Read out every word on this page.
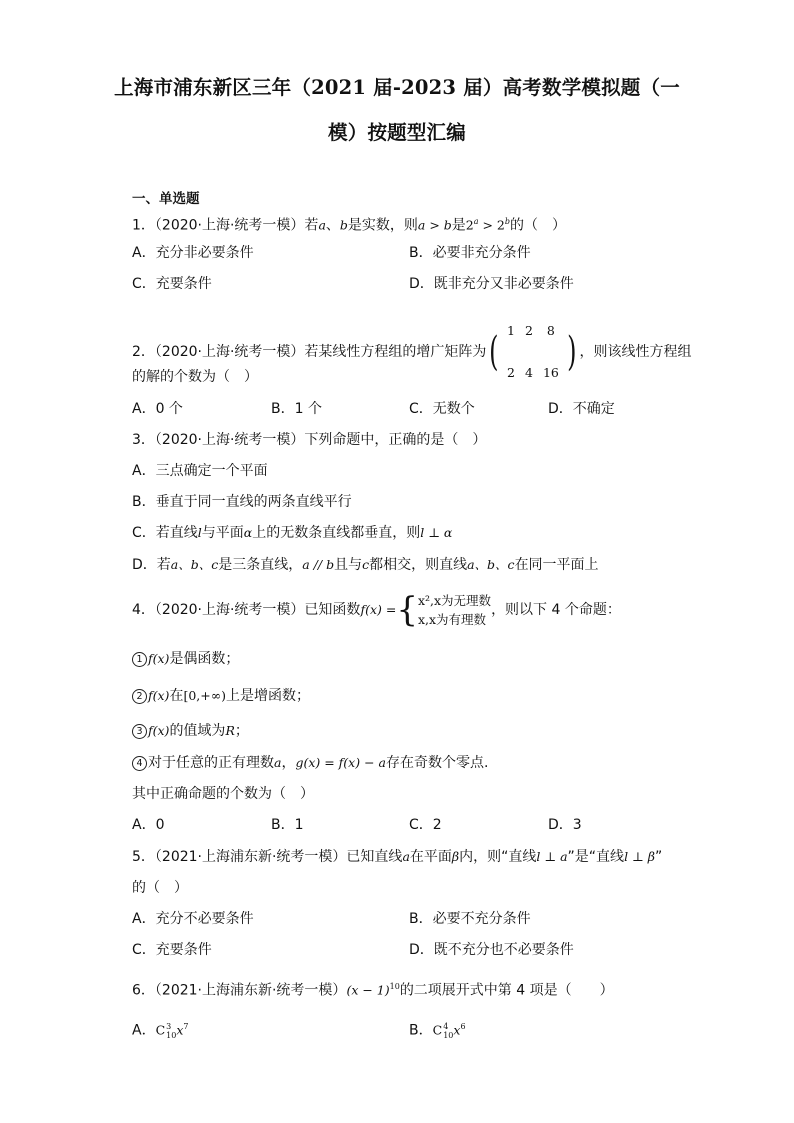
上海市浦东新区三年（2021 届-2023 届）高考数学模拟题（一
模）按题型汇编
一、单选题
1．（2020·上海·统考一模）若a、b是实数，则a > b是$2^a > 2^b$的（　）
A．充分非必要条件	B．必要非充分条件
C．充要条件	D．既非充分又非必要条件
2．（2020·上海·统考一模）若某线性方程组的增广矩阵为( 1	2	8
2	4	16 ) ，则该线性方程组
的解的个数为（　）
A．0 个	B．1 个	C．无数个	D．不确定
3．（2020·上海·统考一模）下列命题中，正确的是（　）
A．三点确定一个平面
B．垂直于同一直线的两条直线平行
C．若直线l与平面α上的无数条直线都垂直，则l ⊥ α
D．若a、b、c是三条直线，a // b且与c都相交，则直线a、b、c在同一平面上
4．（2020·上海·统考一模）已知函数f(x) ={x²,x为无理数
x,x为有理数，则以下 4 个命题：
1 f(x)是偶函数；
2 f(x)在[0,+∞)上是增函数；
3 f(x)的值域为R；
4 对于任意的正有理数a，g(x) = f(x) − a存在奇数个零点.
其中正确命题的个数为（　）
A．0	B．1	C．2	D．3
5．（2021·上海浦东新·统考一模）已知直线a在平面β内，则“直线l ⊥ a”是“直线l ⊥ β”
的（　）
A．充分不必要条件	B．必要不充分条件
C．充要条件	D．既不充分也不必要条件
6．（2021·上海浦东新·统考一模）$(x - 1)^{10}$的二项展开式中第 4 项是（　　）
A．C3
$10x^7$	B．C4
$10x^6$
